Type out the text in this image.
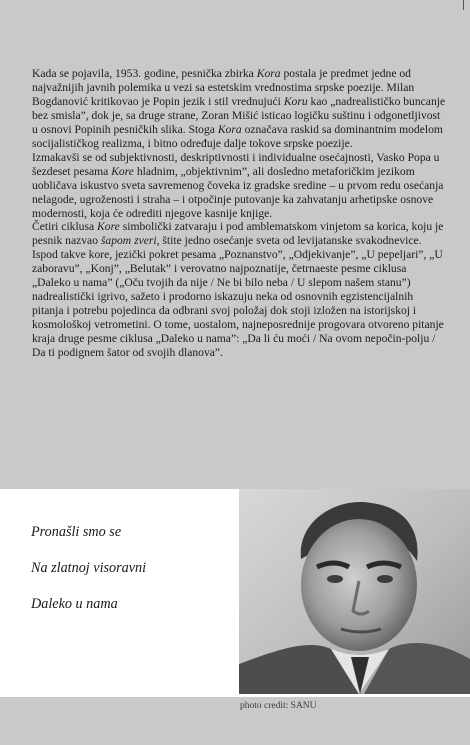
Kada se pojavila, 1953. godine, pesnička zbirka Kora postala je predmet jedne od najvažnijih javnih polemika u vezi sa estetskim vrednostima srpske poezije. Milan Bogdanović kritikovao je Popin jezik i stil vrednujući Koru kao „nadrealističko buncanje bez smisla”, dok je, sa druge strane, Zoran Mišić isticao logičku suštinu i odgonetljivost u osnovi Popinih pesničkih slika. Stoga Kora označava raskid sa dominantnim modelom socijalističkog realizma, i bitno određuje dalje tokove srpske poezije.

Izmakavši se od subjektivnosti, deskriptivnosti i individualne osećajnosti, Vasko Popa u šezdeset pesama Kore hladnim, „objektivnim”, ali dosledno metaforičkim jezikom uobličava iskustvo sveta savremenog čoveka iz gradske sredine – u prvom redu osećanja nelagode, ugroženosti i straha – i otpočinje putovanje ka zahvatanju arhetipske osnove modernosti, koja će odrediti njegove kasnije knjige.

Četiri ciklusa Kore simbolički zatvaraju i pod amblematskom vinjetom sa korica, koju je pesnik nazvao šapom zveri, štite jedno osećanje sveta od levijatanske svakodnevice. Ispod takve kore, jezički pokret pesama „Poznanstvo”, „Odjekivanje”, „U pepeljari”, „U zaboravu”, „Konj”, „Belutak” i verovatno najpoznatije, četrnaeste pesme ciklusa „Daleko u nama” („Oču tvojih da nije / Ne bi bilo neba / U slepom našem stanu”) nadrealistički igrivo, sažeto i prodorno iskazuju neka od osnovnih egzistencijalnih pitanja i potrebu pojedinca da odbrani svoj položaj dok stoji izložen na istorijskoj i kosmološkoj vetrometini. O tome, uostalom, najneposrednije progovara otvoreno pitanje kraja druge pesme ciklusa „Daleko u nama”: „Da li ću moći / Na ovom nepočin-polju / Da ti podignem šator od svojih dlanova”.

Pronašli smo se
Na zlatnoj visoravni
Daleko u nama
photo credit: SANU
